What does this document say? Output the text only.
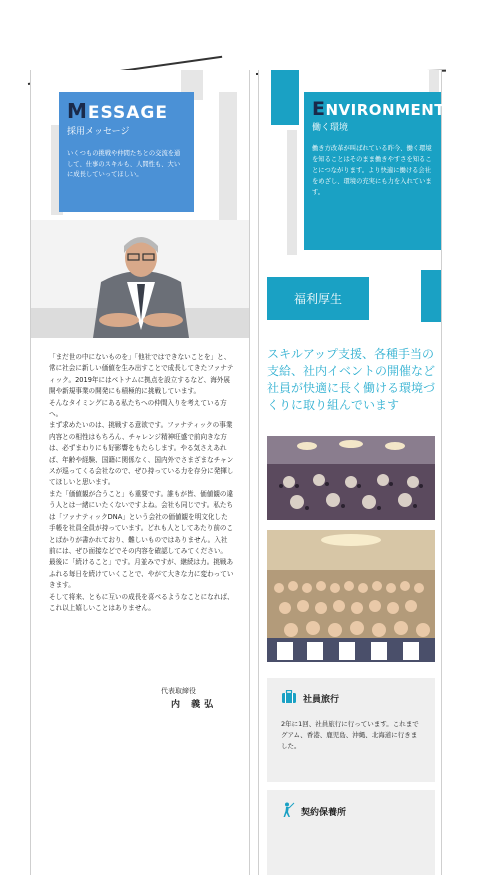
MESSAGE
採用メッセージ
いくつもの挑戦や仲間たちとの交流を通して、仕事のスキルも、人間性も、大いに成長していってほしい。

「まだ世の中にないものを」「他社ではできないことを」と、常に社会に新しい価値を生み出すことで成長してきたファナティック。2019年にはベトナムに拠点を設立するなど、海外展開や新規事業の開発にも積極的に挑戦しています。

そんなタイミングにある私たちへの仲間入りを考えている方へ。

まず求めたいのは、挑戦する意欲です。ファナティックの事業内容との相性はもちろん、チャレンジ精神旺盛で前向きな方は、必ずまわりにも好影響をもたらします。やる気さえあれば、年齢や経験、国籍に関係なく、国内外でさまざまなチャンスが巡ってくる会社なので、ぜひ持っている力を存分に発揮してほしいと思います。

また「価値観が合うこと」も重要です。誰もが皆、価値観の違う人とは一緒にいたくないですよね。会社も同じです。私たちは「ファナティックDNA」という会社の価値観を明文化した手帳を社員全員が持っています。どれも人としてあたり前のことばかりが書かれており、難しいものではありません。入社前には、ぜひ面接などでその内容を確認してみてください。

最後に「続けること」です。月並みですが、継続は力。挑戦あふれる毎日を続けていくことで、やがて大きな力に変わっていきます。

そして将来、ともに互いの成長を喜べるようなことになれば、これ以上嬉しいことはありません。

代表取締役
内 義弘
ENVIRONMENT
働く環境
働き方改革が叫ばれている昨今、働く環境を知ることはそのまま働きやすさを知ることにつながります。より快適に働ける会社をめざし、環境の充実にも力を入れています。
福利厚生
スキルアップ支援、各種手当の支給、社内イベントの開催など社員が快適に長く働ける環境づくりに取り組んでいます
社員旅行
2年に1回、社員旅行に行っています。これまでグアム、香港、鹿児島、沖縄、北海道に行きました。
契約保養所
